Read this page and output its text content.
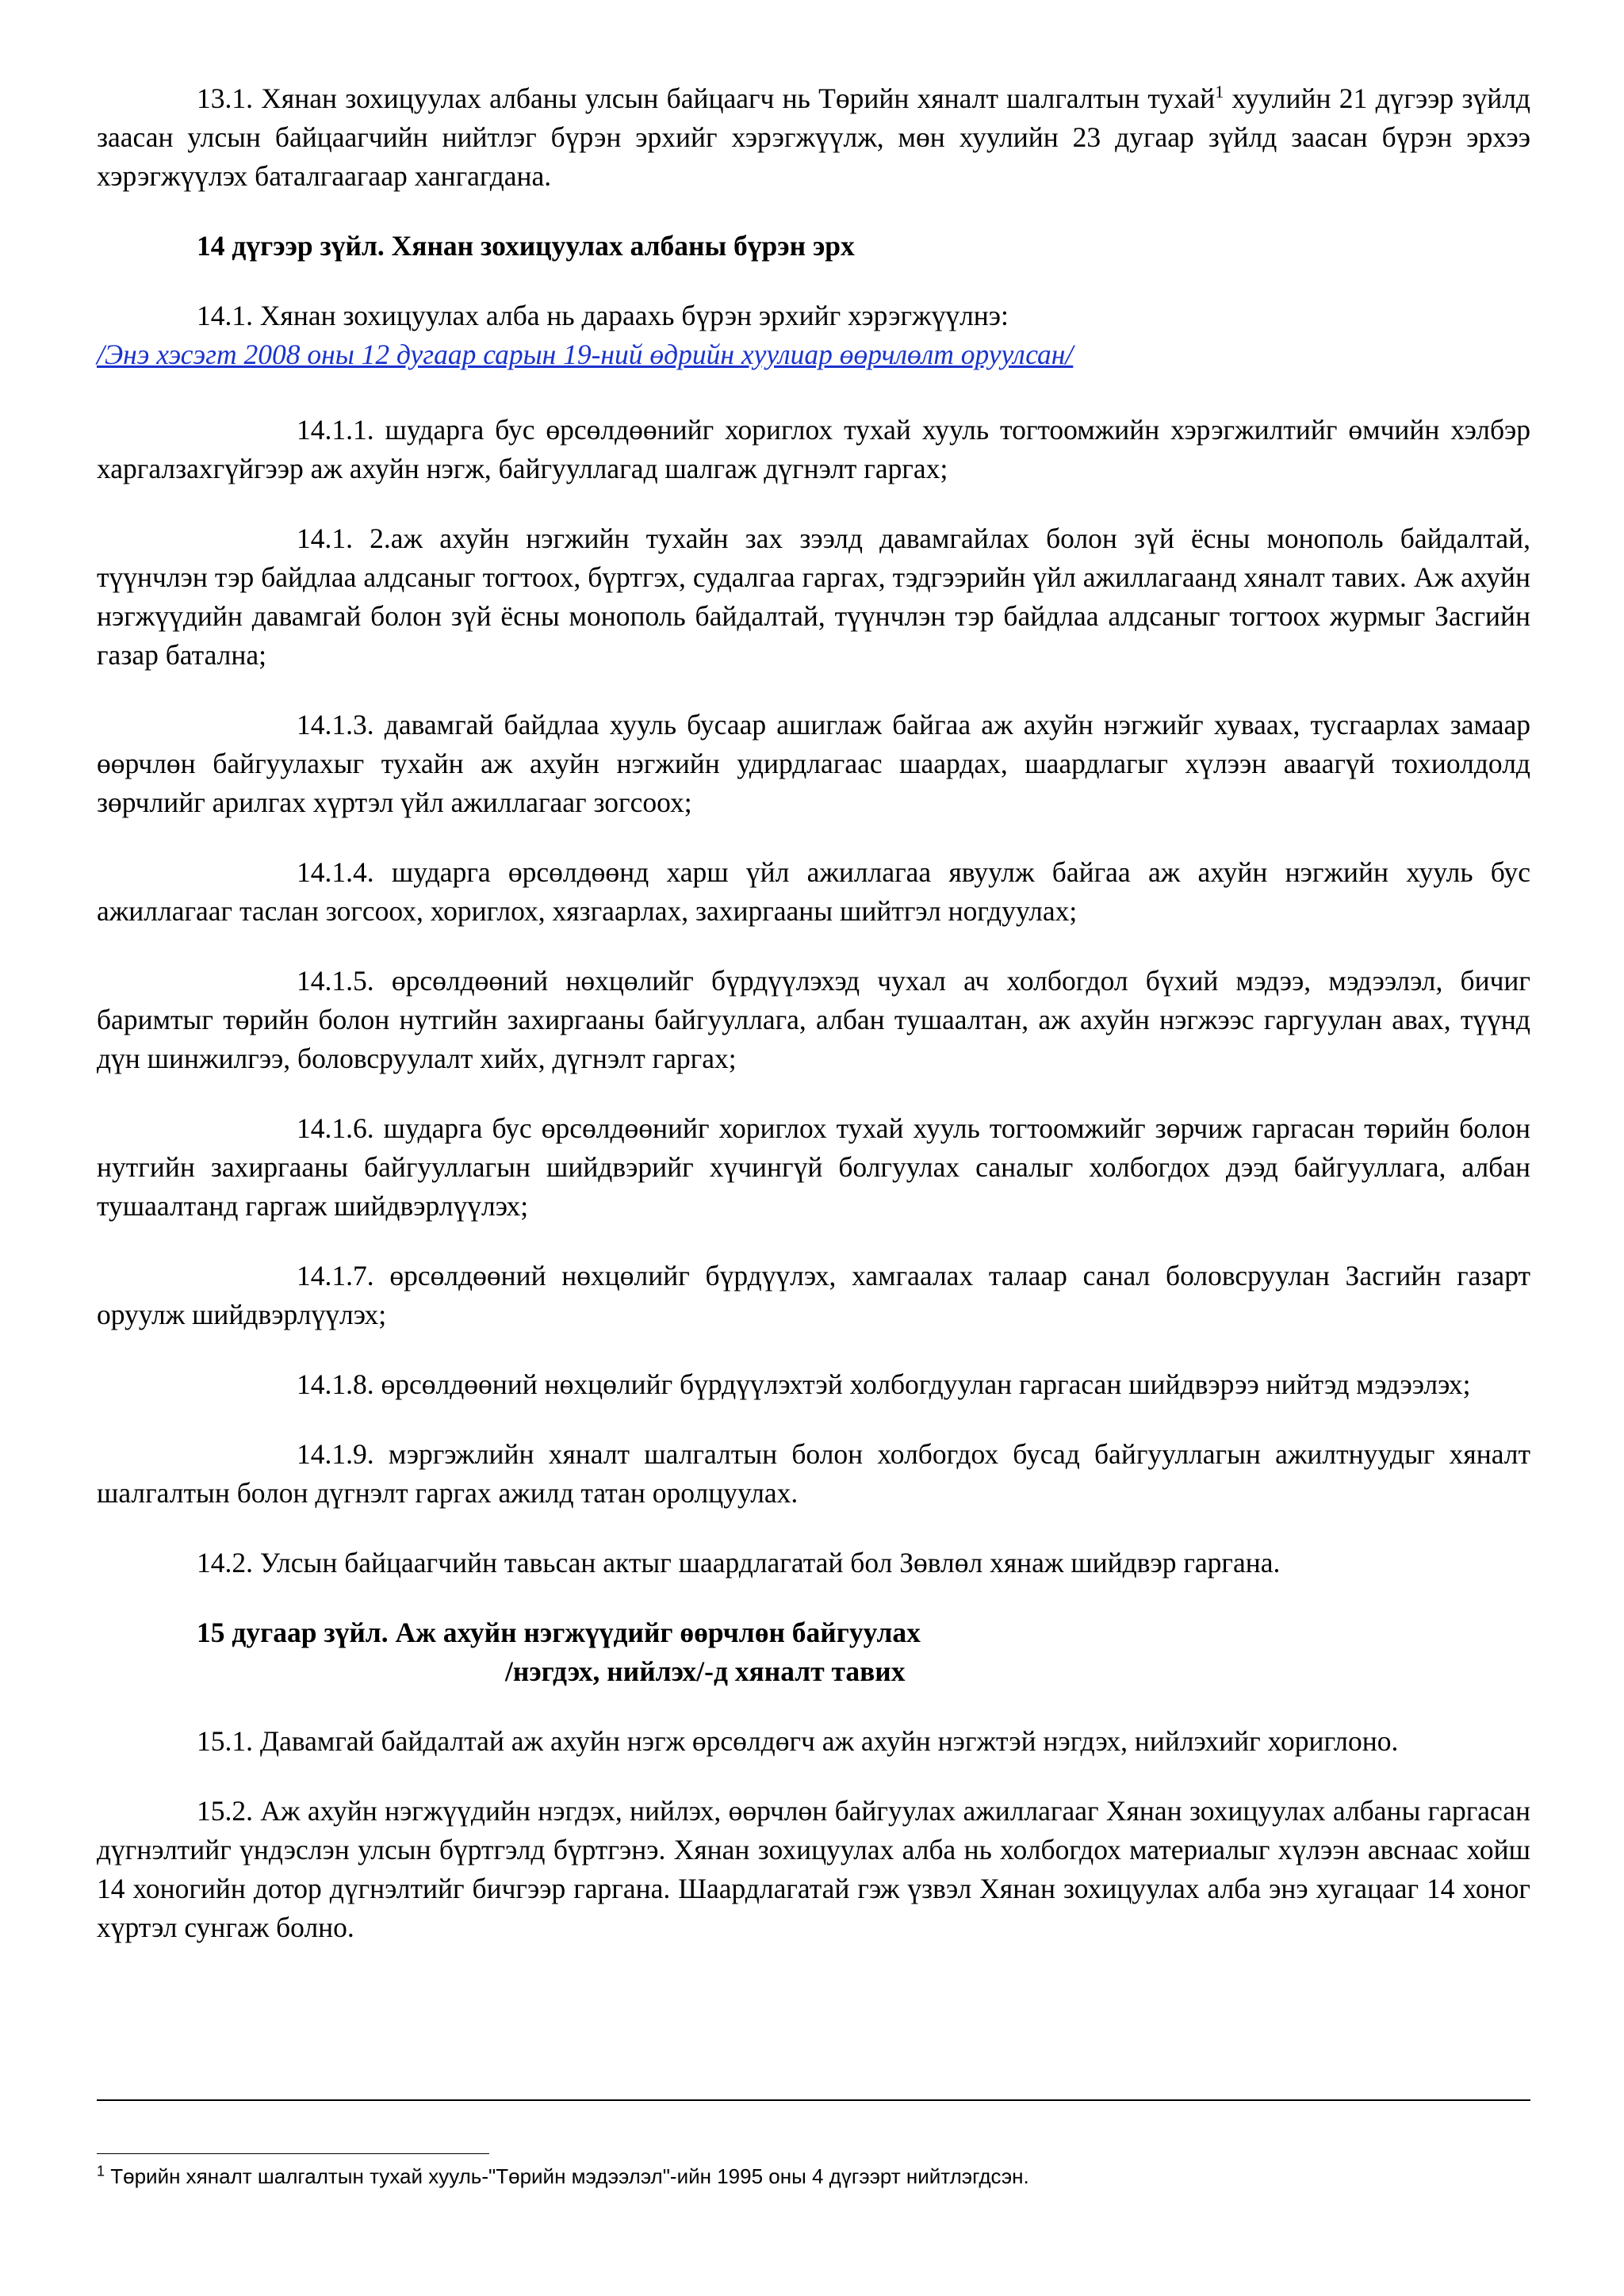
13.1. Хянан зохицуулах албаны улсын байцаагч нь Төрийн хяналт шалгалтын тухай$^1$ хуулийн 21 дүгээр зүйлд заасан улсын байцаагчийн нийтлэг бүрэн эрхийг хэрэгжүүлж, мөн хуулийн 23 дугаар зүйлд заасан бүрэн эрхээ хэрэгжүүлэх баталгаагаар хангагдана.

14 дүгээр зүйл. Хянан зохицуулах албаны бүрэн эрх

14.1. Хянан зохицуулах алба нь дараахь бүрэн эрхийг хэрэгжүүлнэ:
/Энэ хэсэгт 2008 оны 12 дугаар сарын 19-ний өдрийн хуулиар өөрчлөлт оруулсан/

14.1.1. шударга бус өрсөлдөөнийг хориглох тухай хууль тогтоомжийн хэрэгжилтийг өмчийн хэлбэр харгалзахгүйгээр аж ахуйн нэгж, байгууллагад шалгаж дүгнэлт гаргах;

14.1. 2.аж ахуйн нэгжийн тухайн зах зээлд давамгайлах болон зүй ёсны монополь байдалтай, түүнчлэн тэр байдлаа алдсаныг тогтоох, бүртгэх, судалгаа гаргах, тэдгээрийн үйл ажиллагаанд хяналт тавих. Аж ахуйн нэгжүүдийн давамгай болон зүй ёсны монополь байдалтай, түүнчлэн тэр байдлаа алдсаныг тогтоох журмыг Засгийн газар батална;

14.1.3. давамгай байдлаа хууль бусаар ашиглаж байгаа аж ахуйн нэгжийг хуваах, тусгаарлах замаар өөрчлөн байгуулахыг тухайн аж ахуйн нэгжийн удирдлагаас шаардах, шаардлагыг хүлээн аваагүй тохиолдолд зөрчлийг арилгах хүртэл үйл ажиллагааг зогсоох;

14.1.4. шударга өрсөлдөөнд харш үйл ажиллагаа явуулж байгаа аж ахуйн нэгжийн хууль бус ажиллагааг таслан зогсоох, хориглох, хязгаарлах, захиргааны шийтгэл ногдуулах;

14.1.5. өрсөлдөөний нөхцөлийг бүрдүүлэхэд чухал ач холбогдол бүхий мэдээ, мэдээлэл, бичиг баримтыг төрийн болон нутгийн захиргааны байгууллага, албан тушаалтан, аж ахуйн нэгжээс гаргуулан авах, түүнд дүн шинжилгээ, боловсруулалт хийх, дүгнэлт гаргах;

14.1.6. шударга бус өрсөлдөөнийг хориглох тухай хууль тогтоомжийг зөрчиж гаргасан төрийн болон нутгийн захиргааны байгууллагын шийдвэрийг хүчингүй болгуулах саналыг холбогдох дээд байгууллага, албан тушаалтанд гаргаж шийдвэрлүүлэх;

14.1.7. өрсөлдөөний нөхцөлийг бүрдүүлэх, хамгаалах талаар санал боловсруулан Засгийн газарт оруулж шийдвэрлүүлэх;

14.1.8. өрсөлдөөний нөхцөлийг бүрдүүлэхтэй холбогдуулан гаргасан шийдвэрээ нийтэд мэдээлэх;

14.1.9. мэргэжлийн хяналт шалгалтын болон холбогдох бусад байгууллагын ажилтнуудыг хяналт шалгалтын болон дүгнэлт гаргах ажилд татан оролцуулах.

14.2. Улсын байцаагчийн тавьсан актыг шаардлагатай бол Зөвлөл хянаж шийдвэр гаргана.

15 дугаар зүйл. Аж ахуйн нэгжүүдийг өөрчлөн байгуулах
/нэгдэх, нийлэх/-д хяналт тавих

15.1. Давамгай байдалтай аж ахуйн нэгж өрсөлдөгч аж ахуйн нэгжтэй нэгдэх, нийлэхийг хориглоно.

15.2. Аж ахуйн нэгжүүдийн нэгдэх, нийлэх, өөрчлөн байгуулах ажиллагааг Хянан зохицуулах албаны гаргасан дүгнэлтийг үндэслэн улсын бүртгэлд бүртгэнэ. Хянан зохицуулах алба нь холбогдох материалыг хүлээн авснаас хойш 14 хоногийн дотор дүгнэлтийг бичгээр гаргана. Шаардлагатай гэж үзвэл Хянан зохицуулах алба энэ хугацааг 14 хоног хүртэл сунгаж болно.

$^1$ Төрийн хяналт шалгалтын тухай хууль-"Төрийн мэдээлэл"-ийн 1995 оны 4 дүгээрт нийтлэгдсэн.
